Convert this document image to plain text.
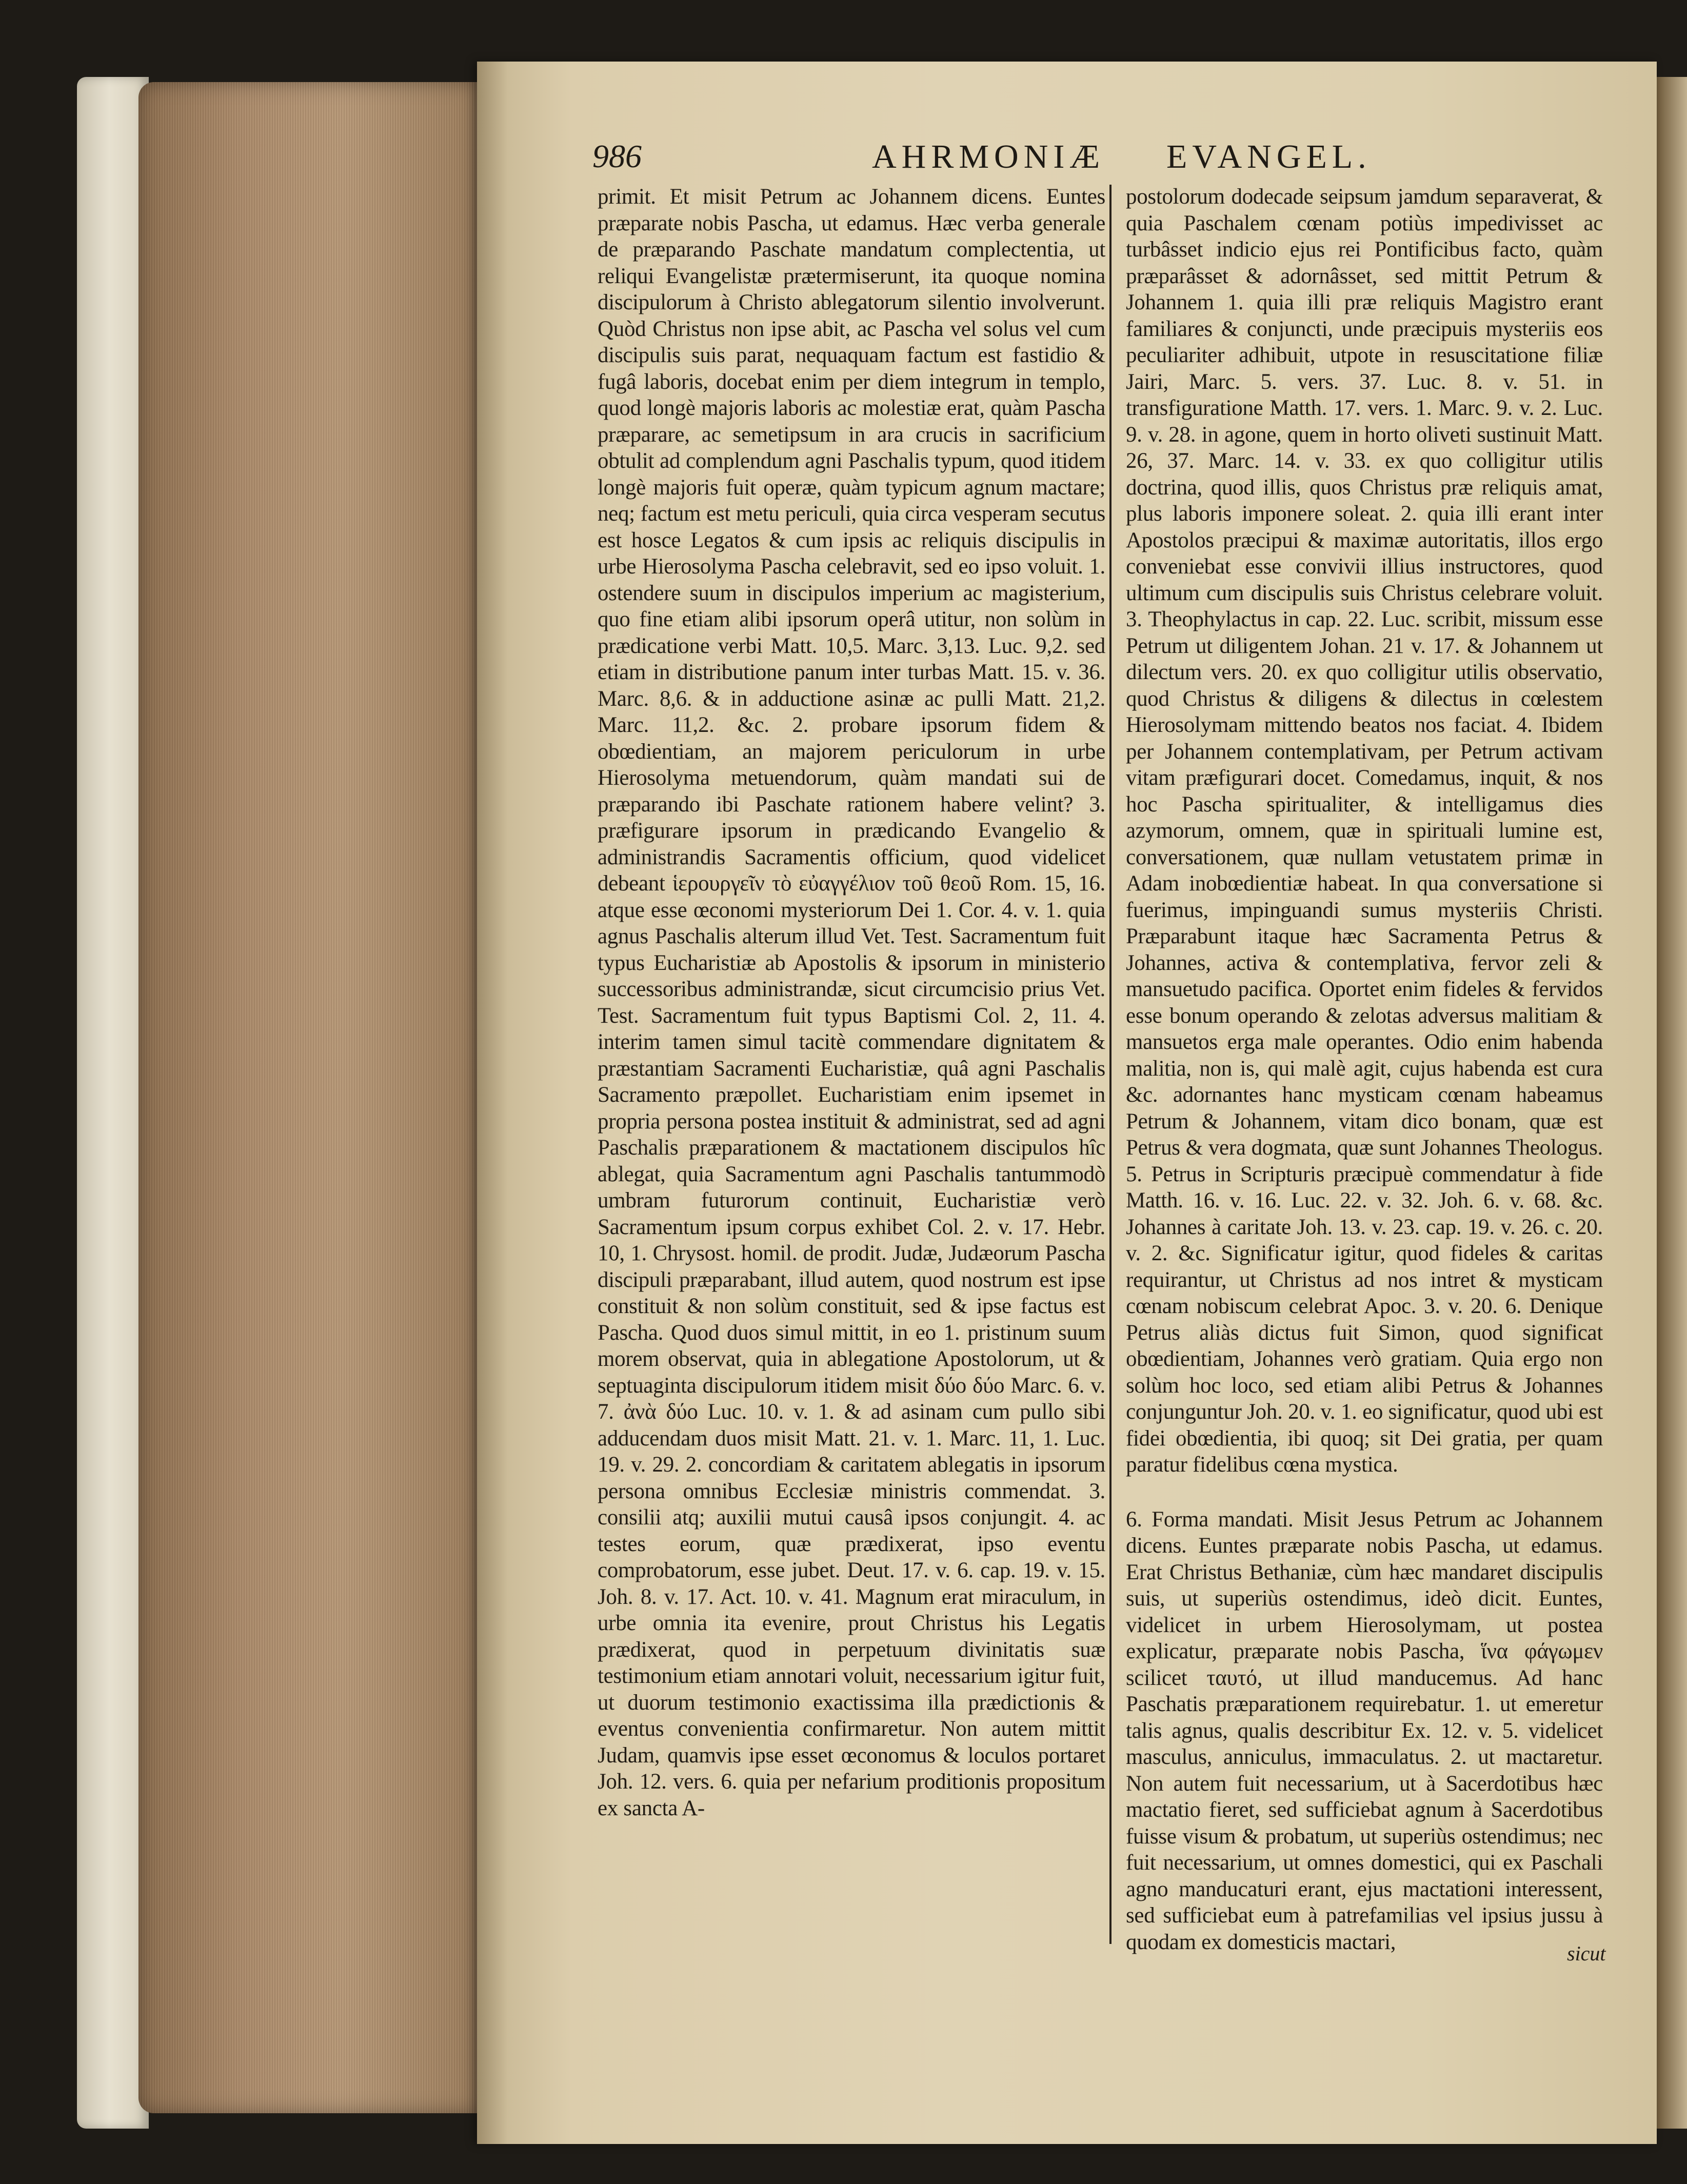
986	AHRMONIÆ EVANGEL.

primit. Et misit Petrum ac Johannem dicens. Euntes præparate nobis Pascha, ut edamus. Hæc verba generale de præparando Paschate mandatum complectentia, ut reliqui Evangelistæ prætermiserunt, ita quoque nomina discipulorum à Christo ablegatorum silentio involverunt. Quòd Christus non ipse abit, ac Pascha vel solus vel cum discipulis suis parat, nequaquam factum est fastidio & fugâ laboris, docebat enim per diem integrum in templo, quod longè majoris laboris ac molestiæ erat, quàm Pascha præparare, ac semetipsum in ara crucis in sacrificium obtulit ad complendum agni Paschalis typum, quod itidem longè majoris fuit operæ, quàm typicum agnum mactare; neq; factum est metu periculi, quia circa vesperam secutus est hosce Legatos & cum ipsis ac reliquis discipulis in urbe Hierosolyma Pascha celebravit, sed eo ipso voluit. 1. ostendere suum in discipulos imperium ac magisterium, quo fine etiam alibi ipsorum operâ utitur, non solùm in prædicatione verbi Matt. 10,5. Marc. 3,13. Luc. 9,2. sed etiam in distributione panum inter turbas Matt. 15. v. 36. Marc. 8,6. & in adductione asinæ ac pulli Matt. 21,2. Marc. 11,2. &c. 2. probare ipsorum fidem & obœdientiam, an majorem periculorum in urbe Hierosolyma metuendorum, quàm mandati sui de præparando ibi Paschate rationem habere velint? 3. præfigurare ipsorum in prædicando Evangelio & administrandis Sacramentis officium, quod videlicet debeant ἱερουργεῖν τὸ εὐαγγέλιον τοῦ θεοῦ Rom. 15, 16. atque esse œconomi mysteriorum Dei 1. Cor. 4. v. 1. quia agnus Paschalis alterum illud Vet. Test. Sacramentum fuit typus Eucharistiæ ab Apostolis & ipsorum in ministerio successoribus administrandæ, sicut circumcisio prius Vet. Test. Sacramentum fuit typus Baptismi Col. 2, 11. 4. interim tamen simul tacitè commendare dignitatem & præstantiam Sacramenti Eucharistiæ, quâ agni Paschalis Sacramento præpollet. Eucharistiam enim ipsemet in propria persona postea instituit & administrat, sed ad agni Paschalis præparationem & mactationem discipulos hîc ablegat, quia Sacramentum agni Paschalis tantummodò umbram futurorum continuit, Eucharistiæ verò Sacramentum ipsum corpus exhibet Col. 2. v. 17. Hebr. 10, 1. Chrysost. homil. de prodit. Judæ, Judæorum Pascha discipuli præparabant, illud autem, quod nostrum est ipse constituit & non solùm constituit, sed & ipse factus est Pascha. Quod duos simul mittit, in eo 1. pristinum suum morem observat, quia in ablegatione Apostolorum, ut & septuaginta discipulorum itidem misit δύο δύο Marc. 6. v. 7. ἀνὰ δύο Luc. 10. v. 1. & ad asinam cum pullo sibi adducendam duos misit Matt. 21. v. 1. Marc. 11, 1. Luc. 19. v. 29. 2. concordiam & caritatem ablegatis in ipsorum persona omnibus Ecclesiæ ministris commendat. 3. consilii atq; auxilii mutui causâ ipsos conjungit. 4. ac testes eorum, quæ prædixerat, ipso eventu comprobatorum, esse jubet. Deut. 17. v. 6. cap. 19. v. 15. Joh. 8. v. 17. Act. 10. v. 41. Magnum erat miraculum, in urbe omnia ita evenire, prout Christus his Legatis prædixerat, quod in perpetuum divinitatis suæ testimonium etiam annotari voluit, necessarium igitur fuit, ut duorum testimonio exactissima illa prædictionis & eventus convenientia confirmaretur. Non autem mittit Judam, quamvis ipse esset œconomus & loculos portaret Joh. 12. vers. 6. quia per nefarium proditionis propositum ex sancta A-

postolorum dodecade seipsum jamdum separaverat, & quia Paschalem cœnam potiùs impedivisset ac turbâsset indicio ejus rei Pontificibus facto, quàm præparâsset & adornâsset, sed mittit Petrum & Johannem 1. quia illi præ reliquis Magistro erant familiares & conjuncti, unde præcipuis mysteriis eos peculiariter adhibuit, utpote in resuscitatione filiæ Jairi, Marc. 5. vers. 37. Luc. 8. v. 51. in transfiguratione Matth. 17. vers. 1. Marc. 9. v. 2. Luc. 9. v. 28. in agone, quem in horto oliveti sustinuit Matt. 26, 37. Marc. 14. v. 33. ex quo colligitur utilis doctrina, quod illis, quos Christus præ reliquis amat, plus laboris imponere soleat. 2. quia illi erant inter Apostolos præcipui & maximæ autoritatis, illos ergo conveniebat esse convivii illius instructores, quod ultimum cum discipulis suis Christus celebrare voluit. 3. Theophylactus in cap. 22. Luc. scribit, missum esse Petrum ut diligentem Johan. 21 v. 17. & Johannem ut dilectum vers. 20. ex quo colligitur utilis observatio, quod Christus & diligens & dilectus in cœlestem Hierosolymam mittendo beatos nos faciat. 4. Ibidem per Johannem contemplativam, per Petrum activam vitam præfigurari docet. Comedamus, inquit, & nos hoc Pascha spiritualiter, & intelligamus dies azymorum, omnem, quæ in spirituali lumine est, conversationem, quæ nullam vetustatem primæ in Adam inobœdientiæ habeat. In qua conversatione si fuerimus, impinguandi sumus mysteriis Christi. Præparabunt itaque hæc Sacramenta Petrus & Johannes, activa & contemplativa, fervor zeli & mansuetudo pacifica. Oportet enim fideles & fervidos esse bonum operando & zelotas adversus malitiam & mansuetos erga male operantes. Odio enim habenda malitia, non is, qui malè agit, cujus habenda est cura &c. adornantes hanc mysticam cœnam habeamus Petrum & Johannem, vitam dico bonam, quæ est Petrus & vera dogmata, quæ sunt Johannes Theologus. 5. Petrus in Scripturis præcipuè commendatur à fide Matth. 16. v. 16. Luc. 22. v. 32. Joh. 6. v. 68. &c. Johannes à caritate Joh. 13. v. 23. cap. 19. v. 26. c. 20. v. 2. &c. Significatur igitur, quod fideles & caritas requirantur, ut Christus ad nos intret & mysticam cœnam nobiscum celebrat Apoc. 3. v. 20. 6. Denique Petrus aliàs dictus fuit Simon, quod significat obœdientiam, Johannes verò gratiam. Quia ergo non solùm hoc loco, sed etiam alibi Petrus & Johannes conjunguntur Joh. 20. v. 1. eo significatur, quod ubi est fidei obœdientia, ibi quoq; sit Dei gratia, per quam paratur fidelibus cœna mystica.

6. Forma mandati. Misit Jesus Petrum ac Johannem dicens. Euntes præparate nobis Pascha, ut edamus. Erat Christus Bethaniæ, cùm hæc mandaret discipulis suis, ut superiùs ostendimus, ideò dicit. Euntes, videlicet in urbem Hierosolymam, ut postea explicatur, præparate nobis Pascha, ἵνα φάγωμεν scilicet ταυτό, ut illud manducemus. Ad hanc Paschatis præparationem requirebatur. 1. ut emeretur talis agnus, qualis describitur Ex. 12. v. 5. videlicet masculus, anniculus, immaculatus. 2. ut mactaretur. Non autem fuit necessarium, ut à Sacerdotibus hæc mactatio fieret, sed sufficiebat agnum à Sacerdotibus fuisse visum & probatum, ut superiùs ostendimus; nec fuit necessarium, ut omnes domestici, qui ex Paschali agno manducaturi erant, ejus mactationi interessent, sed sufficiebat eum à patrefamilias vel ipsius jussu à quodam ex domesticis mactari,	sicut
